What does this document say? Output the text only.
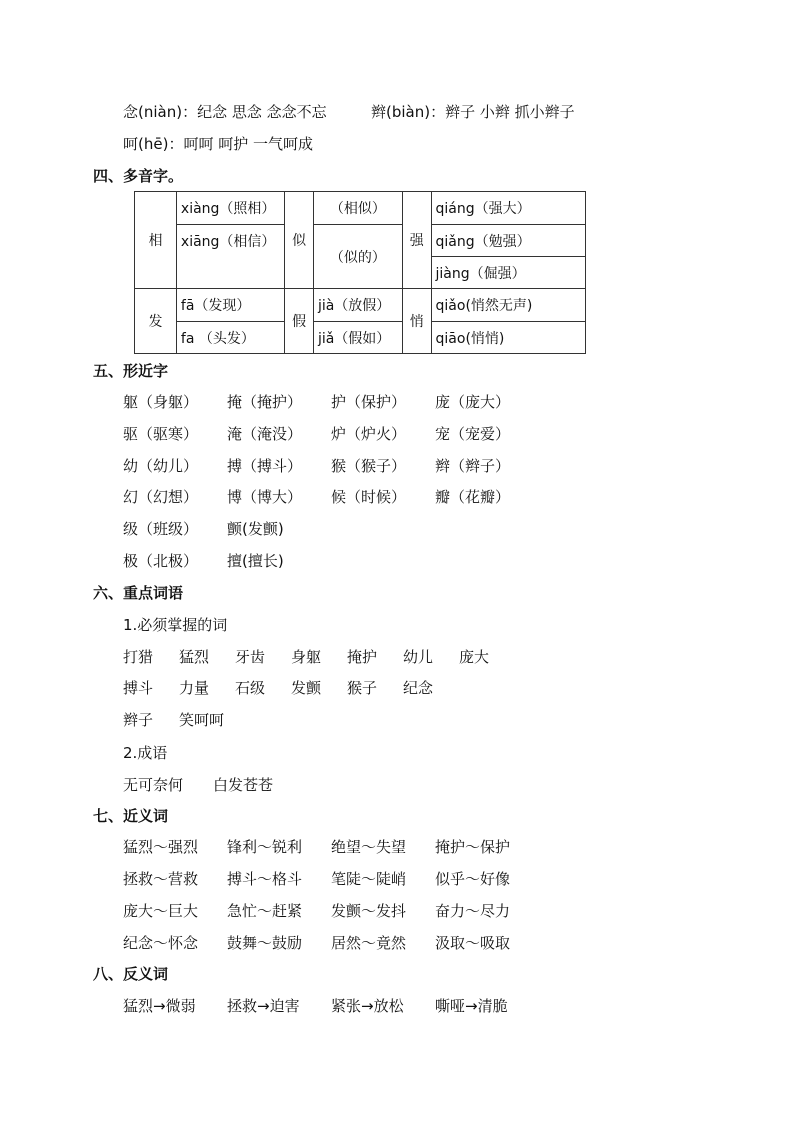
念(niàn)：纪念 思念 念念不忘	辫(biàn)：辫子 小辫 抓小辫子
呵(hē)：呵呵 呵护 一气呵成
四、多音字。
相	xiàng（照相）	似	（相似）	强	qiáng（强大）
	xiāng（相信）		（似的）		qiǎng（勉强）
					jiàng（倔强）
发	fā（发现）	假	jià（放假）	悄	qiǎo(悄然无声)
	fa （头发）		jiǎ（假如）		qiāo(悄悄)
五、形近字
躯（身躯） 掩（掩护） 护（保护） 庞（庞大）
驱（驱寒） 淹（淹没） 炉（炉火） 宠（宠爱）
幼（幼儿） 搏（搏斗） 猴（猴子） 辫（辫子）
幻（幻想） 博（博大） 候（时候） 瓣（花瓣）
级（班级） 颤(发颤)
极（北极） 擅(擅长)
六、重点词语
1.必须掌握的词
打猎 猛烈 牙齿 身躯 掩护 幼儿 庞大
搏斗 力量 石级 发颤 猴子 纪念
辫子 笑呵呵
2.成语
无可奈何 白发苍苍
七、近义词
猛烈～强烈 锋利～锐利 绝望～失望 掩护～保护
拯救～营救 搏斗～格斗 笔陡～陡峭 似乎～好像
庞大～巨大 急忙～赶紧 发颤～发抖 奋力～尽力
纪念～怀念 鼓舞～鼓励 居然～竟然 汲取～吸取
八、反义词
猛烈→微弱 拯救→迫害 紧张→放松 嘶哑→清脆
